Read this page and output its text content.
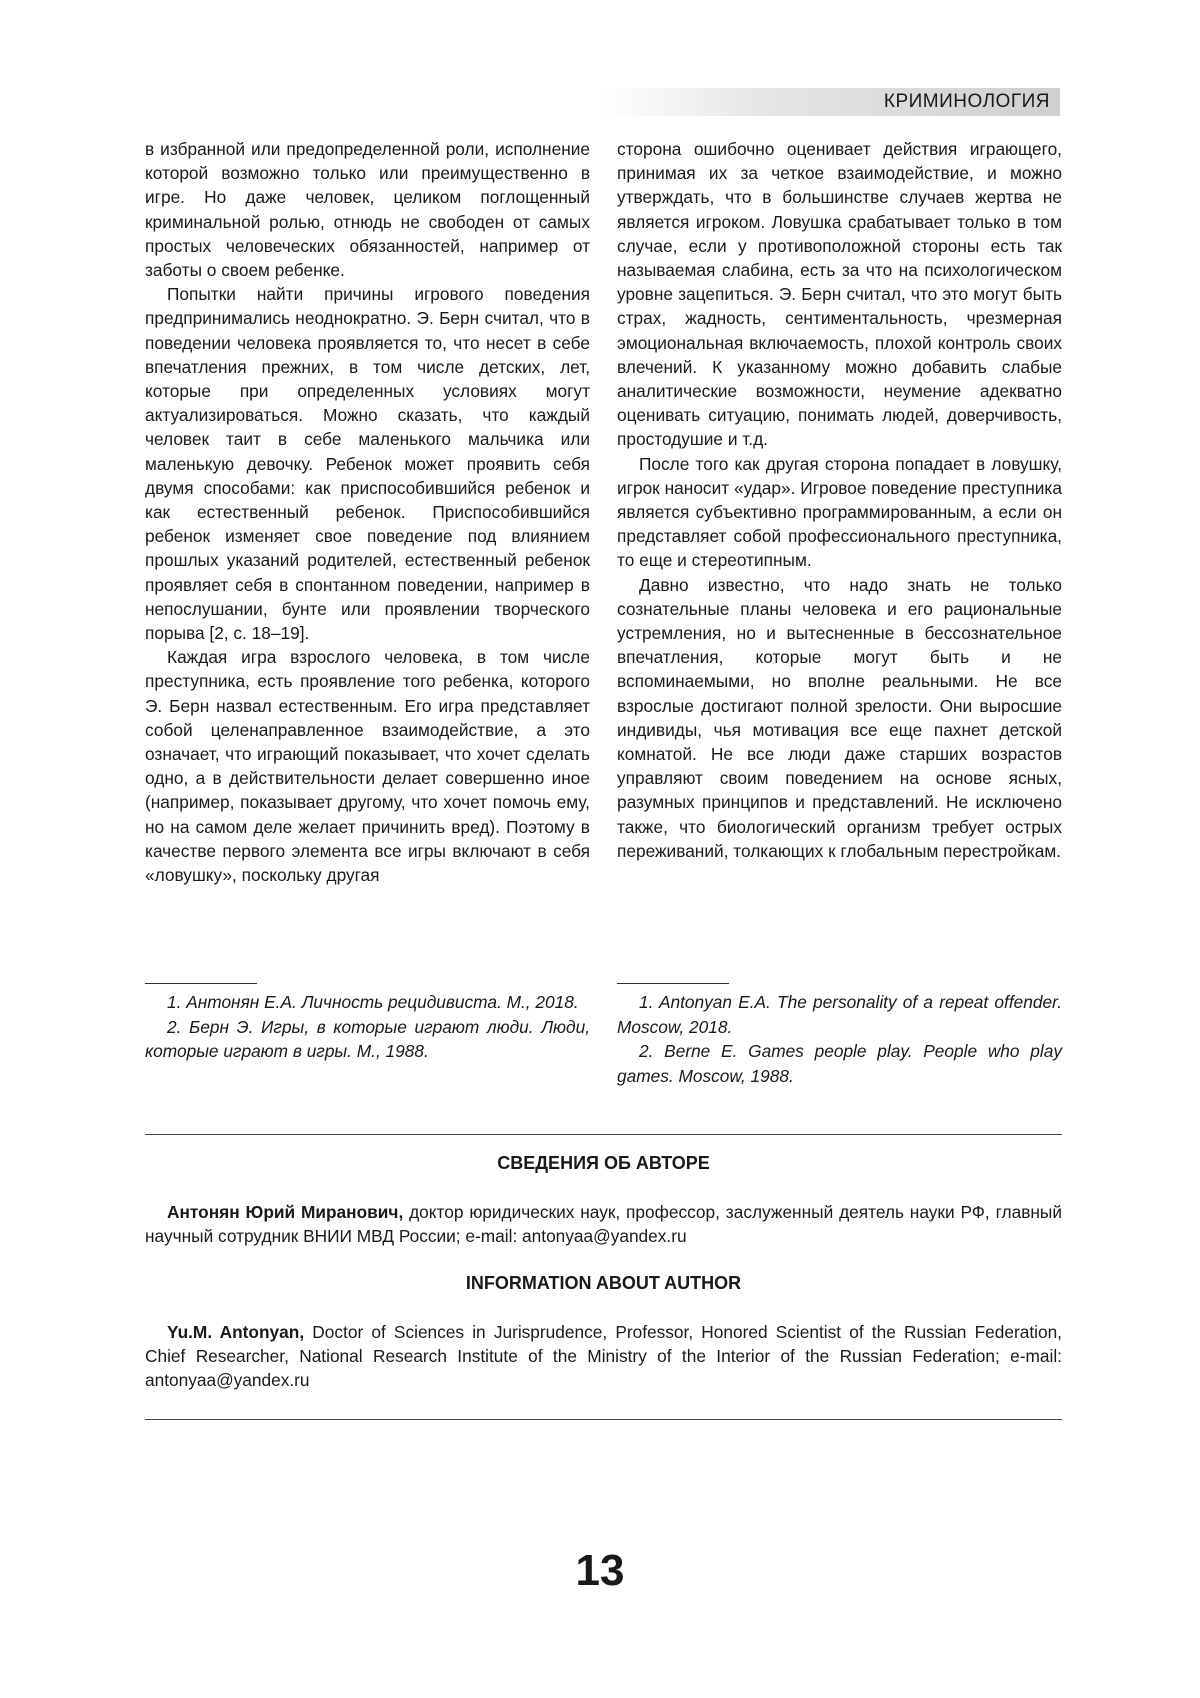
КРИМИНОЛОГИЯ

в избранной или предопределенной роли, исполнение которой возможно только или преимущественно в игре. Но даже человек, целиком поглощенный криминальной ролью, отнюдь не свободен от самых простых человеческих обязанностей, например от заботы о своем ребенке.

Попытки найти причины игрового поведения предпринимались неоднократно. Э. Берн считал, что в поведении человека проявляется то, что несет в себе впечатления прежних, в том числе детских, лет, которые при определенных условиях могут актуализироваться. Можно сказать, что каждый человек таит в себе маленького мальчика или маленькую девочку. Ребенок может проявить себя двумя способами: как приспособившийся ребенок и как естественный ребенок. Приспособившийся ребенок изменяет свое поведение под влиянием прошлых указаний родителей, естественный ребенок проявляет себя в спонтанном поведении, например в непослушании, бунте или проявлении творческого порыва [2, с. 18–19].

Каждая игра взрослого человека, в том числе преступника, есть проявление того ребенка, которого Э. Берн назвал естественным. Его игра представляет собой целенаправленное взаимодействие, а это означает, что играющий показывает, что хочет сделать одно, а в действительности делает совершенно иное (например, показывает другому, что хочет помочь ему, но на самом деле желает причинить вред). Поэтому в качестве первого элемента все игры включают в себя «ловушку», поскольку другая

сторона ошибочно оценивает действия играющего, принимая их за четкое взаимодействие, и можно утверждать, что в большинстве случаев жертва не является игроком. Ловушка срабатывает только в том случае, если у противоположной стороны есть так называемая слабина, есть за что на психологическом уровне зацепиться. Э. Берн считал, что это могут быть страх, жадность, сентиментальность, чрезмерная эмоциональная включаемость, плохой контроль своих влечений. К указанному можно добавить слабые аналитические возможности, неумение адекватно оценивать ситуацию, понимать людей, доверчивость, простодушие и т.д.

После того как другая сторона попадает в ловушку, игрок наносит «удар». Игровое поведение преступника является субъективно программированным, а если он представляет собой профессионального преступника, то еще и стереотипным.

Давно известно, что надо знать не только сознательные планы человека и его рациональные устремления, но и вытесненные в бессознательное впечатления, которые могут быть и не вспоминаемыми, но вполне реальными. Не все взрослые достигают полной зрелости. Они выросшие индивиды, чья мотивация все еще пахнет детской комнатой. Не все люди даже старших возрастов управляют своим поведением на основе ясных, разумных принципов и представлений. Не исключено также, что биологический организм требует острых переживаний, толкающих к глобальным перестройкам.

1. Антонян Е.А. Личность рецидивиста. М., 2018.

2. Берн Э. Игры, в которые играют люди. Люди, которые играют в игры. М., 1988.

1. Antonyan E.A. The personality of a repeat offender. Moscow, 2018.

2. Berne E. Games people play. People who play games. Moscow, 1988.

СВЕДЕНИЯ ОБ АВТОРЕ

Антонян Юрий Миранович, доктор юридических наук, профессор, заслуженный деятель науки РФ, главный научный сотрудник ВНИИ МВД России; e-mail: antonyaa@yandex.ru

INFORMATION ABOUT AUTHOR

Yu.M. Antonyan, Doctor of Sciences in Jurisprudence, Professor, Honored Scientist of the Russian Federation, Chief Researcher, National Research Institute of the Ministry of the Interior of the Russian Federation; e-mail: antonyaa@yandex.ru

13
